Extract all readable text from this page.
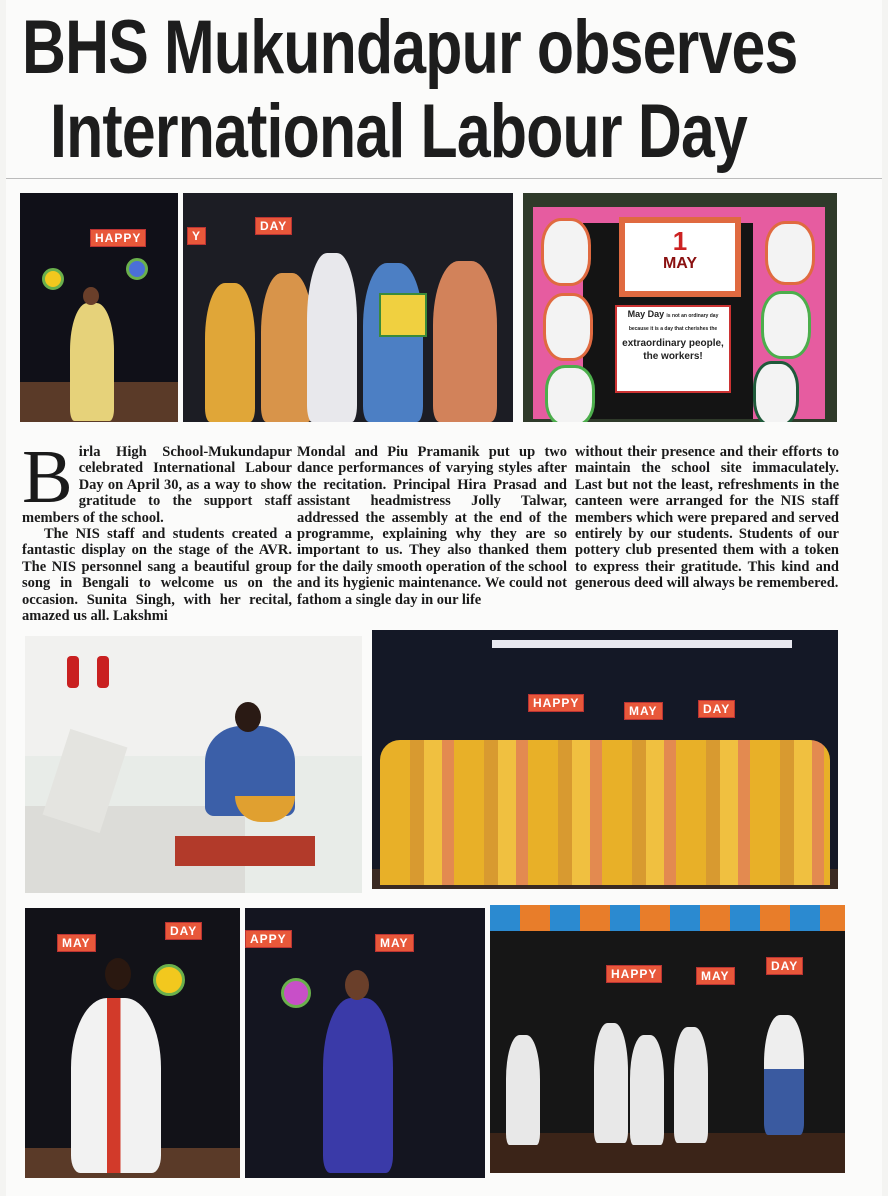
BHS Mukundapur observes
International Labour Day
HAPPY	Y
DAY	1
MAY
May Day is not an ordinary day because it is a day that cherishes the
extraordinary people, the workers!
B irla High School-Mukundapur celebrated International Labour Day on April 30, as a way to show gratitude to the support staff members of the school.

The NIS staff and students created a fantastic display on the stage of the AVR. The NIS personnel sang a beautiful group song in Bengali to welcome us on the occasion. Sunita Singh, with her recital, amazed us all. Lakshmi

Mondal and Piu Pramanik put up two dance performances of varying styles after the recitation. Principal Hira Prasad and assistant headmistress Jolly Talwar, addressed the assembly at the end of the programme, explaining why they are so important to us. They also thanked them for the daily smooth operation of the school and its hygienic maintenance. We could not fathom a single day in our life

without their presence and their efforts to maintain the school site immaculately. Last but not the least, refreshments in the canteen were arranged for the NIS staff members which were prepared and served entirely by our students. Students of our pottery club presented them with a token to express their gratitude. This kind and generous deed will always be remembered.

HAPPY
MAY	DAY
MAY
DAY
APPY	MAY
HAPPY	MAY
DAY
